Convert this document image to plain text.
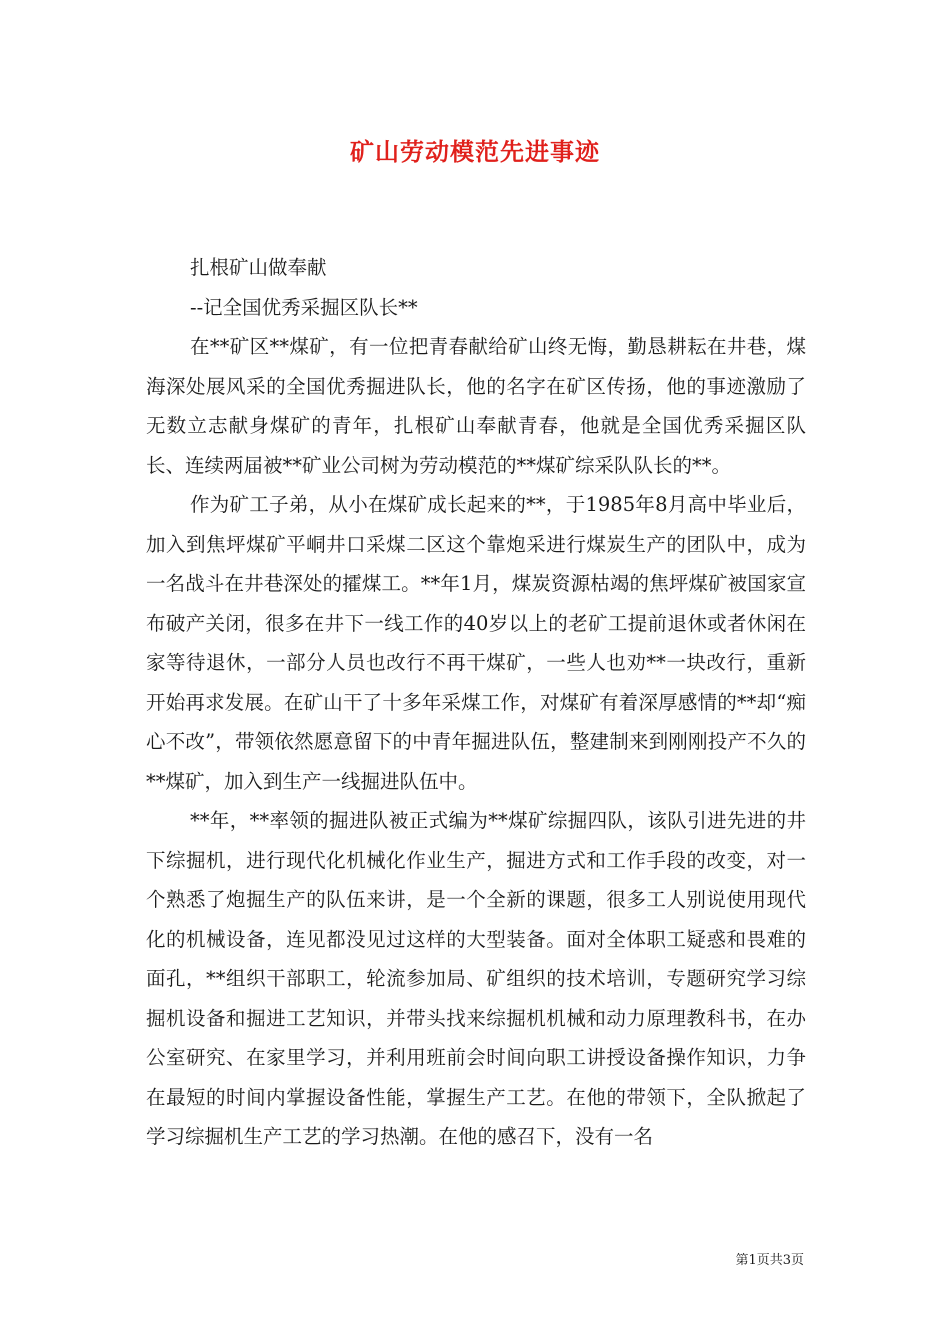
矿山劳动模范先进事迹

扎根矿山做奉献

--记全国优秀采掘区队长**

在**矿区**煤矿，有一位把青春献给矿山终无悔，勤恳耕耘在井巷，煤海深处展风采的全国优秀掘进队长，他的名字在矿区传扬，他的事迹激励了无数立志献身煤矿的青年，扎根矿山奉献青春，他就是全国优秀采掘区队长、连续两届被**矿业公司树为劳动模范的**煤矿综采队队长的**。

作为矿工子弟，从小在煤矿成长起来的**，于1985年8月高中毕业后，加入到焦坪煤矿平峒井口采煤二区这个靠炮采进行煤炭生产的团队中，成为一名战斗在井巷深处的攉煤工。**年1月，煤炭资源枯竭的焦坪煤矿被国家宣布破产关闭，很多在井下一线工作的40岁以上的老矿工提前退休或者休闲在家等待退休，一部分人员也改行不再干煤矿，一些人也劝**一块改行，重新开始再求发展。在矿山干了十多年采煤工作，对煤矿有着深厚感情的**却“痴心不改”，带领依然愿意留下的中青年掘进队伍，整建制来到刚刚投产不久的**煤矿，加入到生产一线掘进队伍中。

**年，**率领的掘进队被正式编为**煤矿综掘四队，该队引进先进的井下综掘机，进行现代化机械化作业生产，掘进方式和工作手段的改变，对一个熟悉了炮掘生产的队伍来讲，是一个全新的课题，很多工人别说使用现代化的机械设备，连见都没见过这样的大型装备。面对全体职工疑惑和畏难的面孔，**组织干部职工，轮流参加局、矿组织的技术培训，专题研究学习综掘机设备和掘进工艺知识，并带头找来综掘机机械和动力原理教科书，在办公室研究、在家里学习，并利用班前会时间向职工讲授设备操作知识，力争在最短的时间内掌握设备性能，掌握生产工艺。在他的带领下，全队掀起了学习综掘机生产工艺的学习热潮。在他的感召下，没有一名

第1页共3页
